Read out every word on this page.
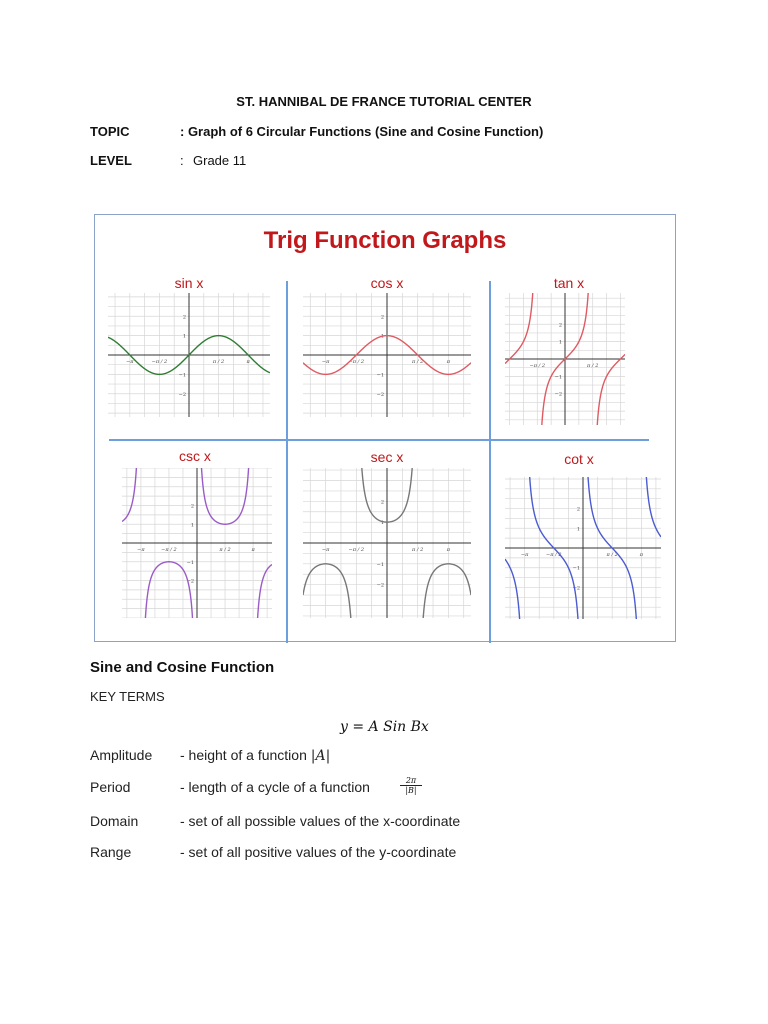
ST. HANNIBAL DE FRANCE TUTORIAL CENTER
TOPIC	: Graph of 6 Circular Functions (Sine and Cosine Function)
LEVEL	: Grade 11
Trig Function Graphs
sin x	cos x	tan x
csc x	sec x	cot x
−π	−π / 2	π / 2	π
2
1
−1
−2
−π	−π / 2	π / 2	π
2
1
−1
−2
−π / 2	π / 2
2
1
−1
−2
−π	−π / 2	π / 2	π
2
1
−1
−2
−π	−π / 2	π / 2	π
2
1
−1
−2
−π	−π / 2	π / 2	π
2
1
−1
−2
Sine and Cosine Function
KEY TERMS
y = A Sin Bx
Amplitude - height of a function |A|
Period	- length of a cycle of a function	$\frac{2\pi}{|B|}$
Domain	- set of all possible values of the x-coordinate
Range	- set of all positive values of the y-coordinate
